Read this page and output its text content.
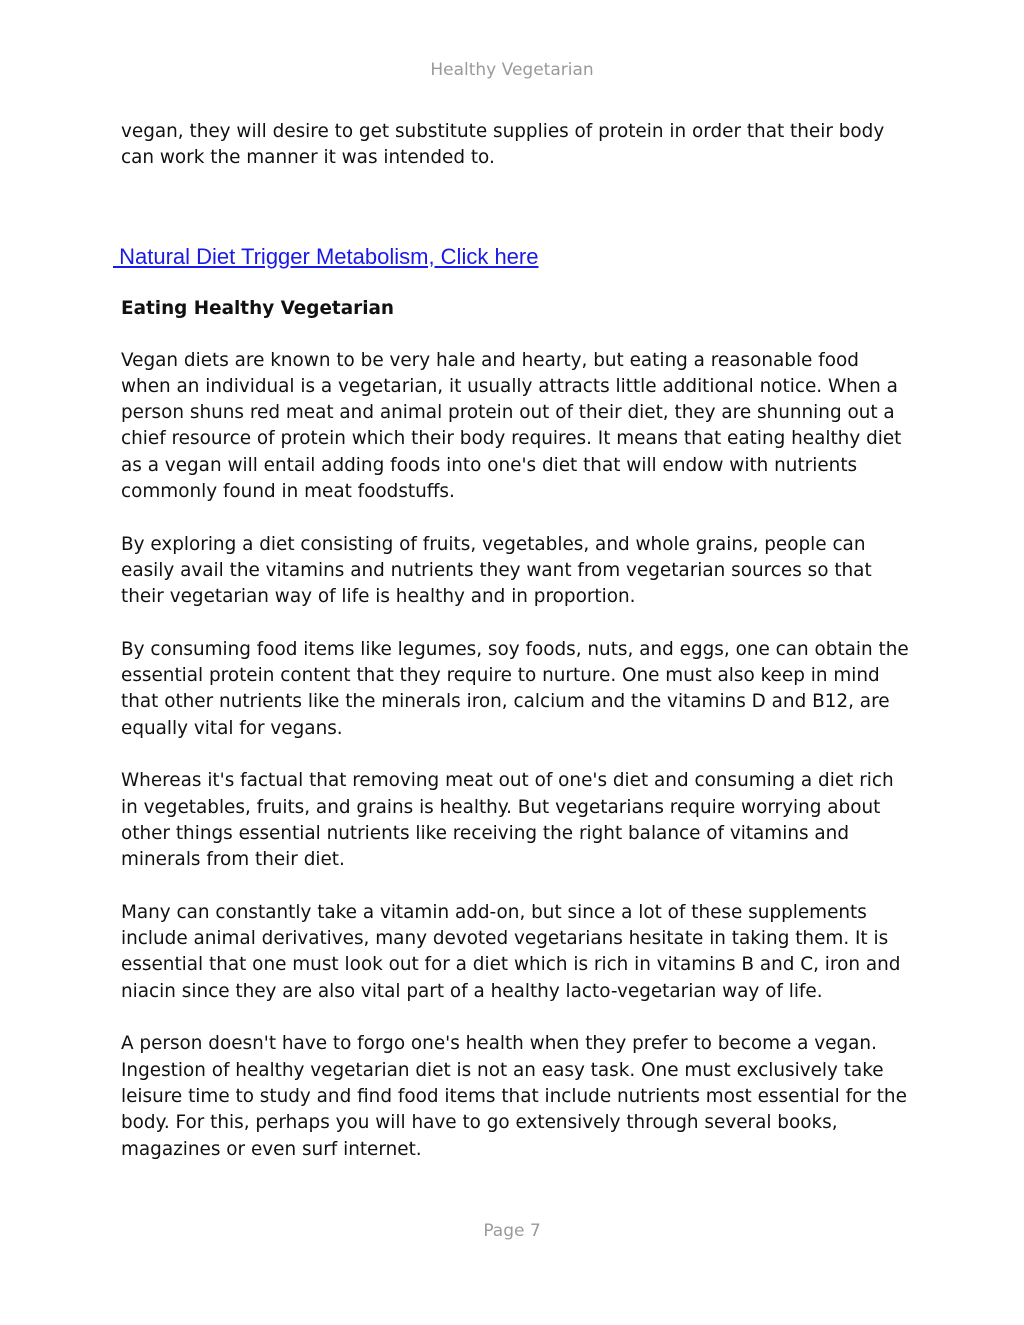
Healthy Vegetarian

vegan, they will desire to get substitute supplies of protein in order that their body can work the manner it was intended to.

Natural Diet Trigger Metabolism, Click here
Eating Healthy Vegetarian

Vegan diets are known to be very hale and hearty, but eating a reasonable food when an individual is a vegetarian, it usually attracts little additional notice. When a person shuns red meat and animal protein out of their diet, they are shunning out a chief resource of protein which their body requires. It means that eating healthy diet as a vegan will entail adding foods into one's diet that will endow with nutrients commonly found in meat foodstuffs.

By exploring a diet consisting of fruits, vegetables, and whole grains, people can easily avail the vitamins and nutrients they want from vegetarian sources so that their vegetarian way of life is healthy and in proportion.

By consuming food items like legumes, soy foods, nuts, and eggs, one can obtain the essential protein content that they require to nurture. One must also keep in mind that other nutrients like the minerals iron, calcium and the vitamins D and B12, are equally vital for vegans.

Whereas it's factual that removing meat out of one's diet and consuming a diet rich in vegetables, fruits, and grains is healthy. But vegetarians require worrying about other things essential nutrients like receiving the right balance of vitamins and minerals from their diet.

Many can constantly take a vitamin add-on, but since a lot of these supplements include animal derivatives, many devoted vegetarians hesitate in taking them. It is essential that one must look out for a diet which is rich in vitamins B and C, iron and niacin since they are also vital part of a healthy lacto-vegetarian way of life.

A person doesn't have to forgo one's health when they prefer to become a vegan. Ingestion of healthy vegetarian diet is not an easy task. One must exclusively take leisure time to study and find food items that include nutrients most essential for the body. For this, perhaps you will have to go extensively through several books, magazines or even surf internet.

Page 7
